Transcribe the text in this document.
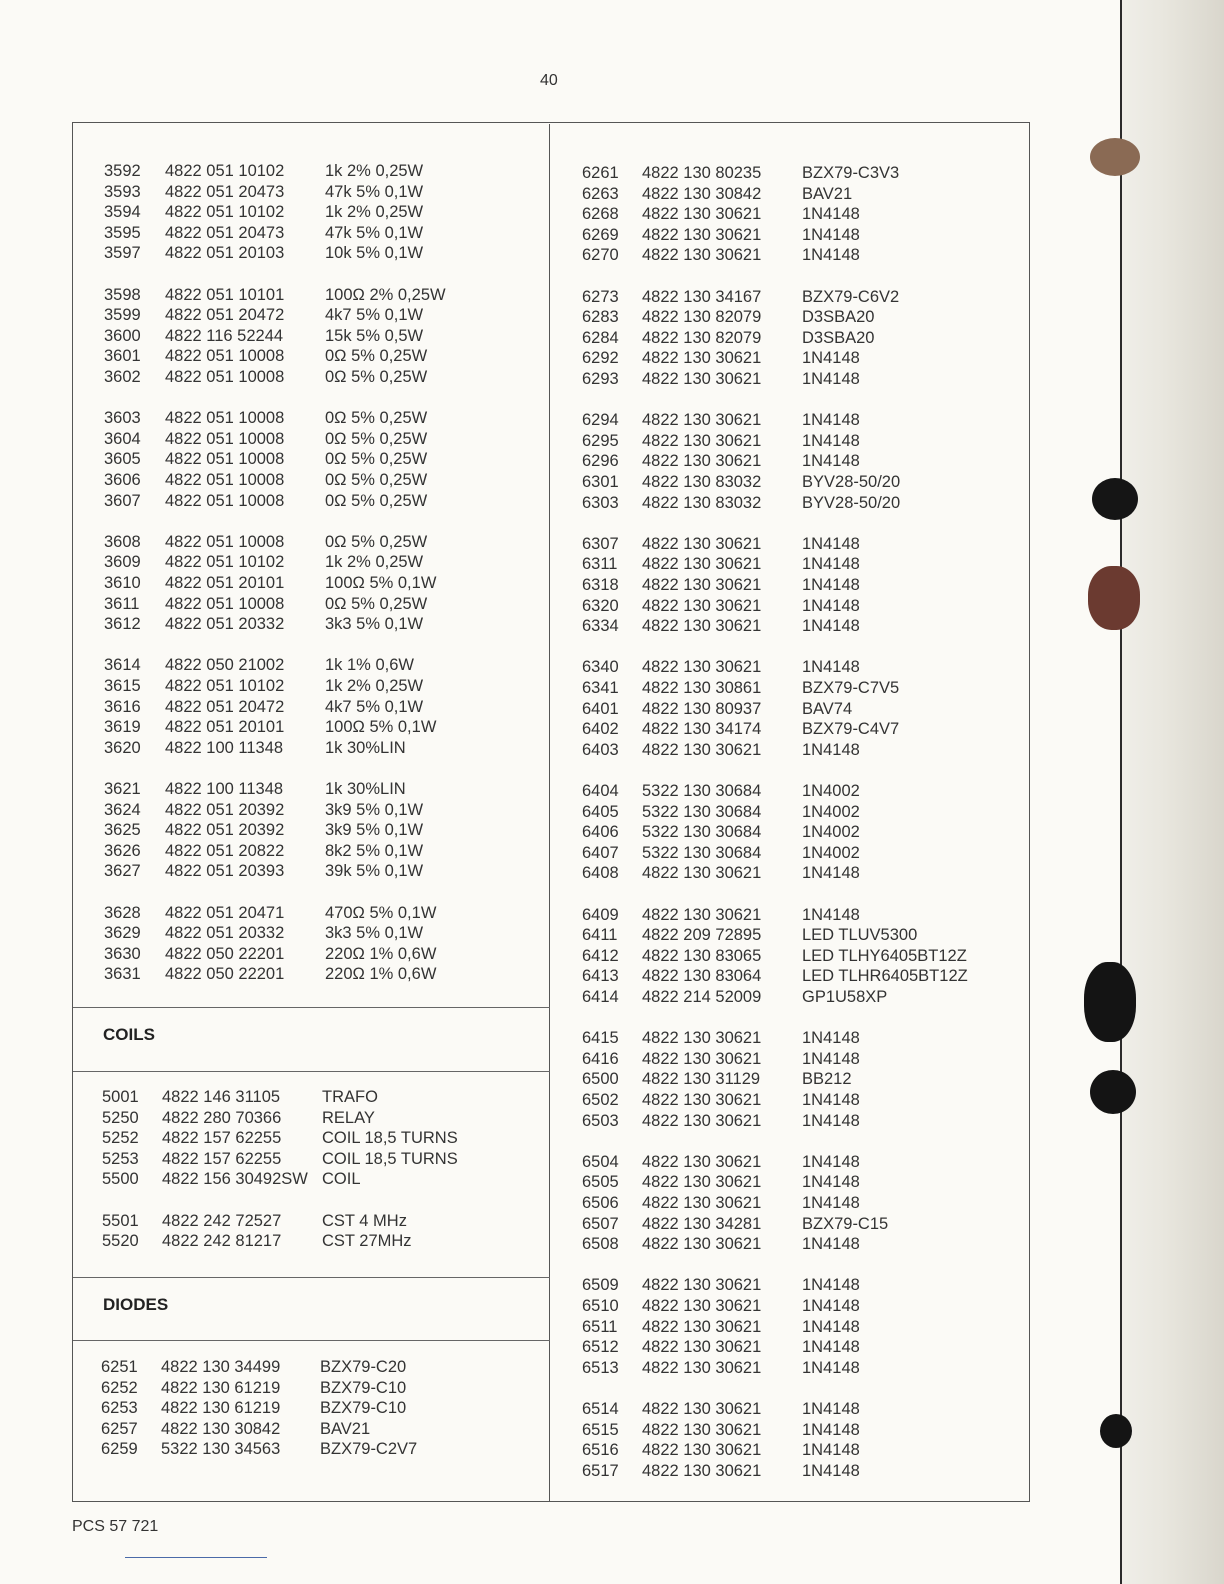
40
COILS
DIODES
3592 4822 051 10102 1k 2% 0,25W
3593 4822 051 20473 47k 5% 0,1W
3594 4822 051 10102 1k 2% 0,25W
3595 4822 051 20473 47k 5% 0,1W
3597 4822 051 20103 10k 5% 0,1W
3598 4822 051 10101 100Ω 2% 0,25W
3599 4822 051 20472 4k7 5% 0,1W
3600 4822 116 52244	15k 5% 0,5W
3601 4822 051 10008 0Ω 5% 0,25W
3602 4822 051 10008 0Ω 5% 0,25W
3603 4822 051 10008 0Ω 5% 0,25W
3604 4822 051 10008 0Ω 5% 0,25W
3605 4822 051 10008 0Ω 5% 0,25W
3606 4822 051 10008 0Ω 5% 0,25W
3607 4822 051 10008 0Ω 5% 0,25W
3608 4822 051 10008 0Ω 5% 0,25W
3609 4822 051 10102 1k 2% 0,25W
3610 4822 051 20101 100Ω 5% 0,1W
3611 4822 051 10008 0Ω 5% 0,25W
3612 4822 051 20332 3k3 5% 0,1W
3614 4822 050 21002 1k 1% 0,6W
3615 4822 051 10102 1k 2% 0,25W
3616 4822 051 20472 4k7 5% 0,1W
3619 4822 051 20101 100Ω 5% 0,1W
3620 4822 100 11348	1k 30%LIN
3621 4822 100 11348	1k 30%LIN
3624 4822 051 20392 3k9 5% 0,1W
3625 4822 051 20392 3k9 5% 0,1W
3626 4822 051 20822 8k2 5% 0,1W
3627 4822 051 20393 39k 5% 0,1W
3628 4822 051 20471 470Ω 5% 0,1W
3629 4822 051 20332 3k3 5% 0,1W
3630 4822 050 22201 220Ω 1% 0,6W
3631 4822 050 22201 220Ω 1% 0,6W
5001 4822 146 31105	TRAFO
5250 4822 280 70366 RELAY
5252 4822 157 62255 COIL 18,5 TURNS
5253 4822 157 62255 COIL 18,5 TURNS
5500 4822 156 30492SW COIL
5501 4822 242 72527 CST 4 MHz
5520 4822 242 81217 CST 27MHz
6251 4822 130 34499 BZX79-C20
6252 4822 130 61219 BZX79-C10
6253 4822 130 61219 BZX79-C10
6257 4822 130 30842 BAV21
6259 5322 130 34563 BZX79-C2V7
6261 4822 130 80235 BZX79-C3V3
6263 4822 130 30842 BAV21
6268 4822 130 30621 1N4148
6269 4822 130 30621 1N4148
6270 4822 130 30621 1N4148
6273 4822 130 34167 BZX79-C6V2
6283 4822 130 82079 D3SBA20
6284 4822 130 82079 D3SBA20
6292 4822 130 30621 1N4148
6293 4822 130 30621 1N4148
6294 4822 130 30621 1N4148
6295 4822 130 30621 1N4148
6296 4822 130 30621 1N4148
6301 4822 130 83032 BYV28-50/20
6303 4822 130 83032 BYV28-50/20
6307 4822 130 30621 1N4148
6311 4822 130 30621 1N4148
6318 4822 130 30621 1N4148
6320 4822 130 30621 1N4148
6334 4822 130 30621 1N4148
6340 4822 130 30621 1N4148
6341 4822 130 30861 BZX79-C7V5
6401 4822 130 80937 BAV74
6402 4822 130 34174 BZX79-C4V7
6403 4822 130 30621 1N4148
6404 5322 130 30684 1N4002
6405 5322 130 30684 1N4002
6406 5322 130 30684 1N4002
6407 5322 130 30684 1N4002
6408 4822 130 30621 1N4148
6409 4822 130 30621 1N4148
6411 4822 209 72895 LED TLUV5300
6412 4822 130 83065 LED TLHY6405BT12Z
6413 4822 130 83064 LED TLHR6405BT12Z
6414 4822 214 52009 GP1U58XP
6415 4822 130 30621 1N4148
6416 4822 130 30621 1N4148
6500 4822 130 31129	BB212
6502 4822 130 30621 1N4148
6503 4822 130 30621 1N4148
6504 4822 130 30621 1N4148
6505 4822 130 30621 1N4148
6506 4822 130 30621 1N4148
6507 4822 130 34281 BZX79-C15
6508 4822 130 30621 1N4148
6509 4822 130 30621 1N4148
6510 4822 130 30621 1N4148
6511 4822 130 30621 1N4148
6512 4822 130 30621 1N4148
6513 4822 130 30621 1N4148
6514 4822 130 30621 1N4148
6515 4822 130 30621 1N4148
6516 4822 130 30621 1N4148
6517 4822 130 30621 1N4148
PCS 57 721
